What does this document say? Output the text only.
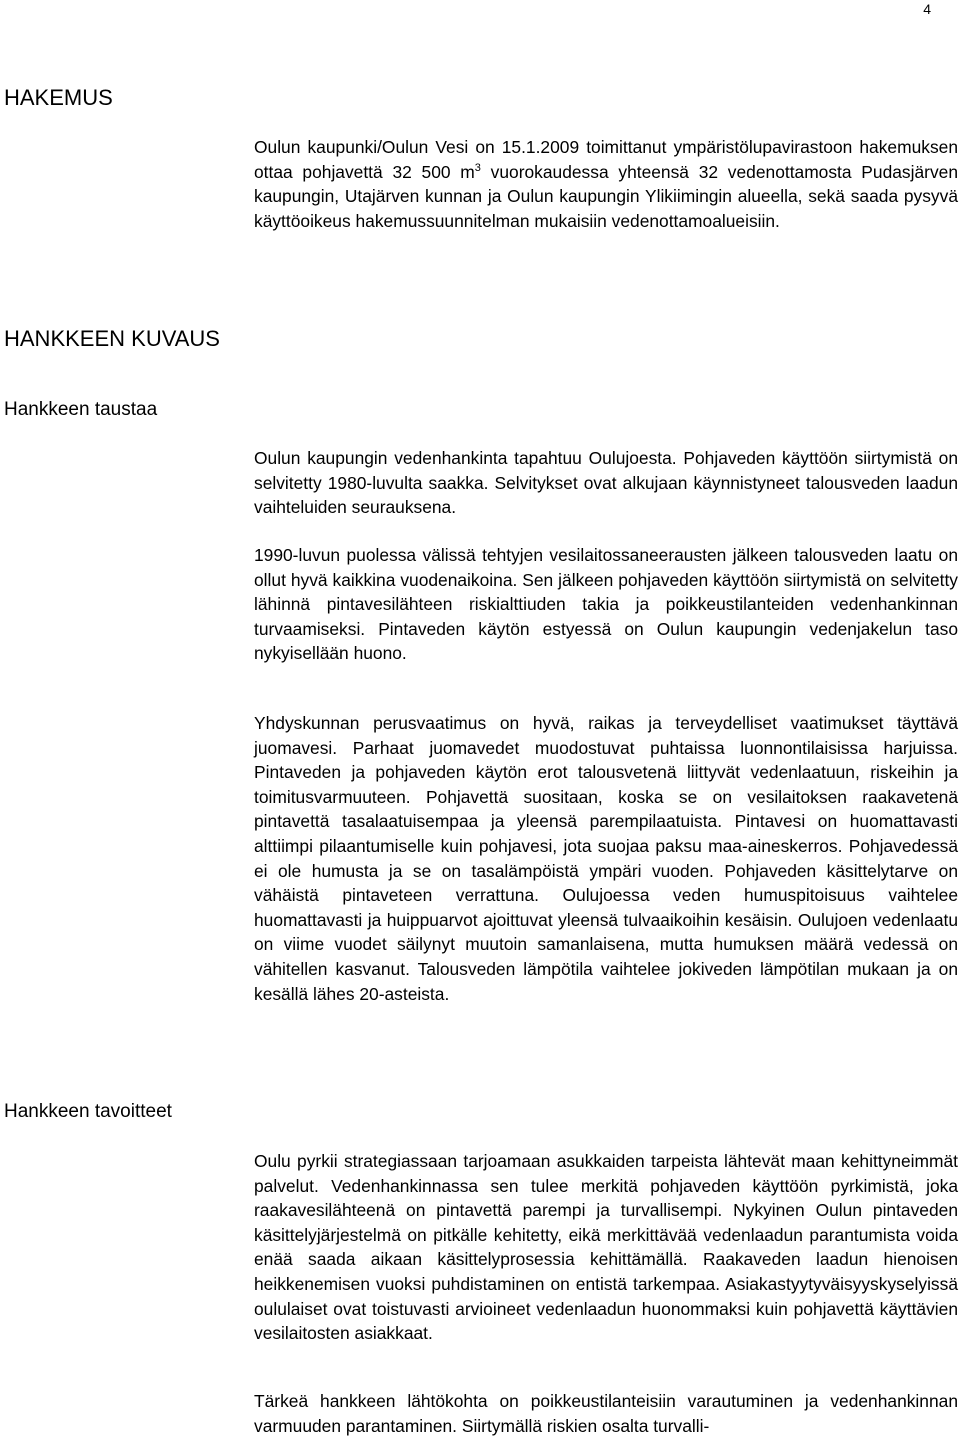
4
HAKEMUS

Oulun kaupunki/Oulun Vesi on 15.1.2009 toimittanut ympäristölupavirastoon hakemuksen ottaa pohjavettä 32 500 $m^3$ vuorokaudessa yhteensä 32 vedenottamosta Pudasjärven kaupungin, Utajärven kunnan ja Oulun kaupungin Ylikiimingin alueella, sekä saada pysyvä käyttöoikeus hakemussuunnitelman mukaisiin vedenottamoalueisiin.

HANKKEEN KUVAUS
Hankkeen taustaa

Oulun kaupungin vedenhankinta tapahtuu Oulujoesta. Pohjaveden käyttöön siirtymistä on selvitetty 1980-luvulta saakka. Selvitykset ovat alkujaan käynnistyneet talousveden laadun vaihteluiden seurauksena.

1990-luvun puolessa välissä tehtyjen vesilaitossaneerausten jälkeen talousveden laatu on ollut hyvä kaikkina vuodenaikoina. Sen jälkeen pohjaveden käyttöön siirtymistä on selvitetty lähinnä pintavesilähteen riskialttiuden takia ja poikkeustilanteiden vedenhankinnan turvaamiseksi. Pintaveden käytön estyessä on Oulun kaupungin vedenjakelun taso nykyisellään huono.

Yhdyskunnan perusvaatimus on hyvä, raikas ja terveydelliset vaatimukset täyttävä juomavesi. Parhaat juomavedet muodostuvat puhtaissa luonnontilaisissa harjuissa. Pintaveden ja pohjaveden käytön erot talousvetenä liittyvät vedenlaatuun, riskeihin ja toimitusvarmuuteen. Pohjavettä suositaan, koska se on vesilaitoksen raakavetenä pintavettä tasalaatuisempaa ja yleensä parempilaatuista. Pintavesi on huomattavasti alttiimpi pilaantumiselle kuin pohjavesi, jota suojaa paksu maa-aineskerros. Pohjavedessä ei ole humusta ja se on tasalämpöistä ympäri vuoden. Pohjaveden käsittelytarve on vähäistä pintaveteen verrattuna. Oulujoessa veden humuspitoisuus vaihtelee huomattavasti ja huippuarvot ajoittuvat yleensä tulvaaikoihin kesäisin. Oulujoen vedenlaatu on viime vuodet säilynyt muutoin samanlaisena, mutta humuksen määrä vedessä on vähitellen kasvanut. Talousveden lämpötila vaihtelee jokiveden lämpötilan mukaan ja on kesällä lähes 20-asteista.

Hankkeen tavoitteet

Oulu pyrkii strategiassaan tarjoamaan asukkaiden tarpeista lähtevät maan kehittyneimmät palvelut. Vedenhankinnassa sen tulee merkitä pohjaveden käyttöön pyrkimistä, joka raakavesilähteenä on pintavettä parempi ja turvallisempi. Nykyinen Oulun pintaveden käsittelyjärjestelmä on pitkälle kehitetty, eikä merkittävää vedenlaadun parantumista voida enää saada aikaan käsittelyprosessia kehittämällä. Raakaveden laadun hienoisen heikkenemisen vuoksi puhdistaminen on entistä tarkempaa. Asiakastyytyväisyyskyselyissä oululaiset ovat toistuvasti arvioineet vedenlaadun huonommaksi kuin pohjavettä käyttävien vesilaitosten asiakkaat.

Tärkeä hankkeen lähtökohta on poikkeustilanteisiin varautuminen ja vedenhankinnan varmuuden parantaminen. Siirtymällä riskien osalta turvalli-
